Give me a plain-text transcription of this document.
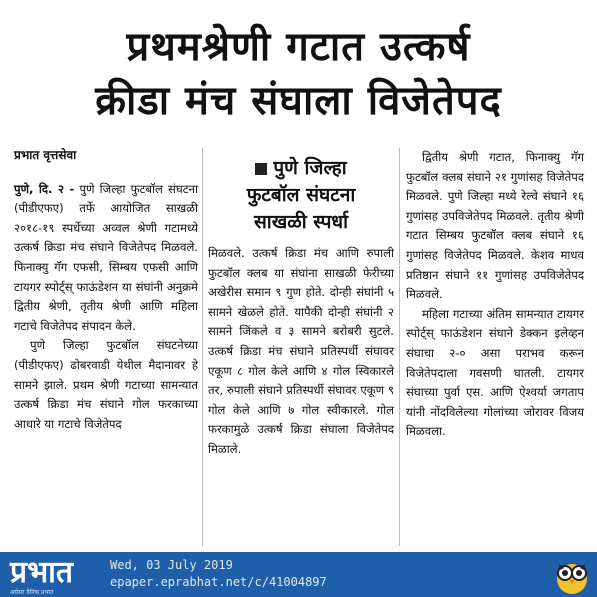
प्रथमश्रेणी गटात उत्कर्ष
क्रीडा मंच संघाला विजेतेपद
प्रभात वृत्तसेवा

पुणे, दि. २ - पुणे जिल्हा फुटबॉल संघटना (पीडीएफए) तर्फे आयोजित साखळी २०१८-१९ स्पर्धेच्या अव्वल श्रेणी गटामध्ये उत्कर्ष क्रिडा मंच संघाने विजेतेपद मिळवले. फिनाक्यु गॅग एफसी, सिम्बय एफसी आणि टायगर स्पोर्ट्स् फाऊंडेशन या संघांनी अनुक्रमे द्वितीय श्रेणी, तृतीय श्रेणी आणि महिला गटाचे विजेतेपद संपादन केले.

पुणे जिल्हा फुटबॉल संघटनेच्या (पीडीएफए) ढोबरवाडी येथील मैदानावर हे सामने झाले. प्रथम श्रेणी गटाच्या सामन्यात उत्कर्ष क्रिडा मंच संघाने गोल फरकाच्या आधारे या गटाचे विजेतेपद

पुणे जिल्हा
फुटबॉल संघटना
साखळी स्पर्धा

मिळवले. उत्कर्ष क्रिडा मंच आणि रुपाली फुटबॉल क्लब या संघांना साखळी फेरीच्या अखेरीस समान ९ गुण होते. दोन्ही संघांनी ५ सामने खेळले होते. यापैकी दोन्ही संघांनी २ सामने जिंकले व ३ सामने बरोबरी सुटले. उत्कर्ष क्रिडा मंच संघाने प्रतिस्पर्धी संघावर एकूण ८ गोल केले आणि ४ गोल स्विकारले तर, रुपाली संघाने प्रतिस्पर्धी संघावर एकूण ९ गोल केले आणि ७ गोल स्वीकारले. गोल फरकामुळे उत्कर्ष क्रिडा संघाला विजेतेपद मिळाले.

द्वितीय श्रेणी गटात, फिनाक्यु गॅग फुटबॉल क्लब संघाने २१ गुणांसह विजेतेपद मिळवले. पुणे जिल्हा मध्ये रेल्वे संघाने १६ गुणांसह उपविजेतेपद मिळवले. तृतीय श्रेणी गटात सिम्बय फुटबॉल क्लब संघाने १६ गुणांसह विजेतेपद मिळवले. केशव माधव प्रतिष्ठान संघाने ११ गुणांसह उपविजेतेपद मिळवले.

महिला गटाच्या अंतिम सामन्यात टायगर स्पोर्ट्स् फाऊंडेशन संघाने डेक्कन इलेव्हन संघाचा २-० असा पराभव करून विजेतेपदाला गवसणी घातली. टायगर संघाच्या पुर्वा एस. आणि ऐश्वर्या जगताप यांनी नोंदविलेल्या गोलांच्या जोरावर विजय मिळवला.

प्रभात
अग्रेसर दैनिक प्रभात
Wed, 03 July 2019
epaper.eprabhat.net/c/41004897
